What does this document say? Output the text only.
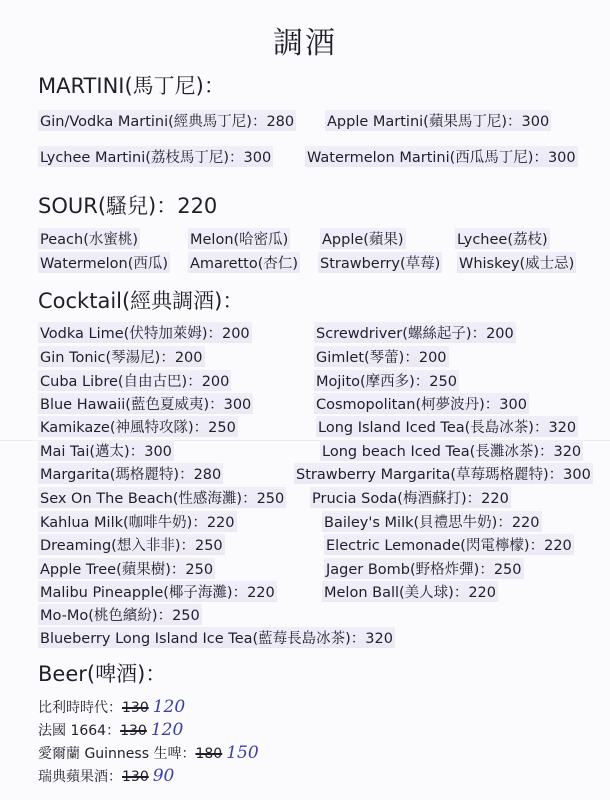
調酒
MARTINI(馬丁尼)：
Gin/Vodka Martini(經典馬丁尼)：280 Apple Martini(蘋果馬丁尼)：300
Lychee Martini(荔枝馬丁尼)：300 Watermelon Martini(西瓜馬丁尼)：300
SOUR(騷兒)：220
Peach(水蜜桃)	Melon(哈密瓜) Apple(蘋果)	Lychee(荔枝)
Watermelon(西瓜) Amaretto(杏仁) Strawberry(草莓) Whiskey(威士忌)
Cocktail(經典調酒)：
Vodka Lime(伏特加萊姆)：200	Screwdriver(螺絲起子)：200
Gin Tonic(琴湯尼)：200	Gimlet(琴蕾)：200
Cuba Libre(自由古巴)：200	Mojito(摩西多)：250
Blue Hawaii(藍色夏威夷)：300	Cosmopolitan(柯夢波丹)：300
Kamikaze(神風特攻隊)：250	Long Island Iced Tea(長島冰茶)：320
Mai Tai(邁太)：300	Long beach Iced Tea(長灘冰茶)：320
Margarita(瑪格麗特)：280	Strawberry Margarita(草莓瑪格麗特)：300
Sex On The Beach(性感海灘)：250 Prucia Soda(梅酒蘇打)：220
Kahlua Milk(咖啡牛奶)：220	Bailey's Milk(貝禮思牛奶)：220
Dreaming(想入非非)：250	Electric Lemonade(閃電檸檬)：220
Apple Tree(蘋果樹)：250	Jager Bomb(野格炸彈)：250
Malibu Pineapple(椰子海灘)：220	Melon Ball(美人球)：220
Mo-Mo(桃色繽紛)：250
Blueberry Long Island Ice Tea(藍莓長島冰茶)：320
Beer(啤酒)：
比利時時代：130 120
法國 1664：130 120
愛爾蘭 Guinness 生啤：180 150
瑞典蘋果酒：130 90
